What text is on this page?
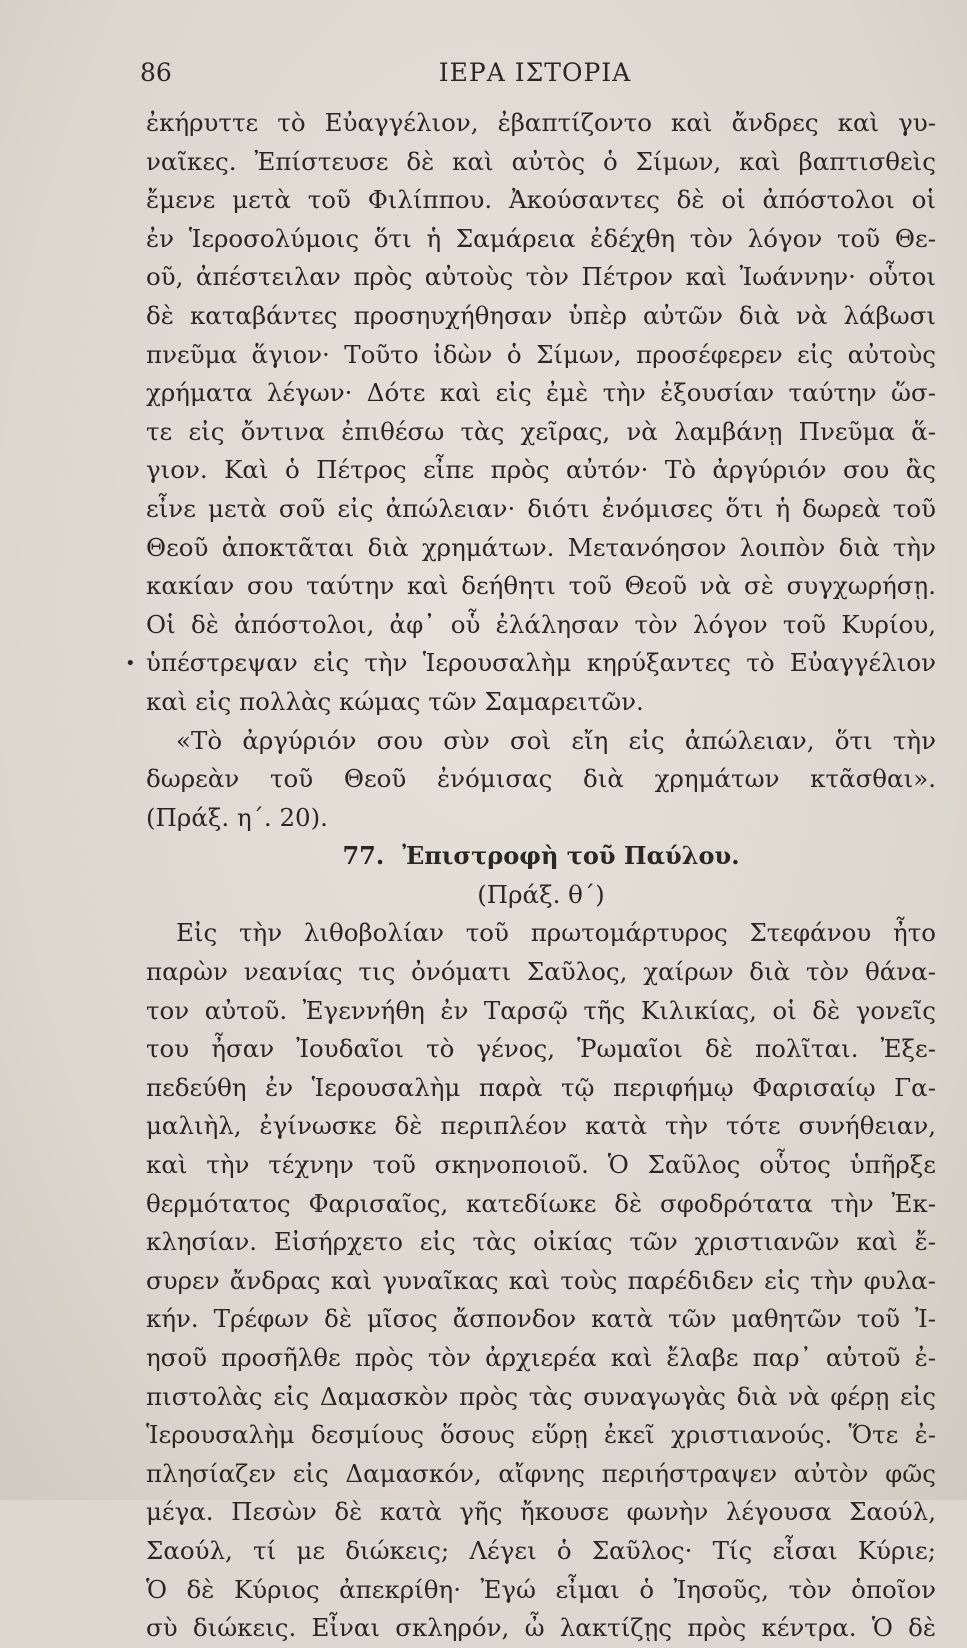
86	ΙΕΡΑ ΙΣΤΟΡΙΑ
•
ἐκήρυττε τὸ Εὐαγγέλιον, ἐβαπτίζοντο καὶ ἄνδρες καὶ γυ-
ναῖκες. Ἐπίστευσε δὲ καὶ αὐτὸς ὁ Σίμων, καὶ βαπτισθεὶς
ἔμενε μετὰ τοῦ Φιλίππου. Ἀκούσαντες δὲ οἱ ἀπόστολοι οἱ
ἐν Ἱεροσολύμοις ὅτι ἡ Σαμάρεια ἐδέχθη τὸν λόγον τοῦ Θε-
οῦ, ἀπέστειλαν πρὸς αὐτοὺς τὸν Πέτρον καὶ Ἰωάννην· οὗτοι
δὲ καταβάντες προσηυχήθησαν ὑπὲρ αὐτῶν διὰ νὰ λάβωσι
πνεῦμα ἅγιον· Τοῦτο ἰδὼν ὁ Σίμων, προσέφερεν εἰς αὐτοὺς
χρήματα λέγων· Δότε καὶ εἰς ἐμὲ τὴν ἐξουσίαν ταύτην ὥσ-
τε εἰς ὄντινα ἐπιθέσω τὰς χεῖρας, νὰ λαμβάνῃ Πνεῦμα ἅ-
γιον. Καὶ ὁ Πέτρος εἶπε πρὸς αὐτόν· Τὸ ἀργύριόν σου ἂς
εἶνε μετὰ σοῦ εἰς ἀπώλειαν· διότι ἐνόμισες ὅτι ἡ δωρεὰ τοῦ
Θεοῦ ἀποκτᾶται διὰ χρημάτων. Μετανόησον λοιπὸν διὰ τὴν
κακίαν σου ταύτην καὶ δεήθητι τοῦ Θεοῦ νὰ σὲ συγχωρήσῃ.
Οἱ δὲ ἀπόστολοι, ἀφ᾿ οὗ ἐλάλησαν τὸν λόγον τοῦ Κυρίου,
ὑπέστρεψαν εἰς τὴν Ἱερουσαλὴμ κηρύξαντες τὸ Εὐαγγέλιον
καὶ εἰς πολλὰς κώμας τῶν Σαμαρειτῶν.
«Τὸ ἀργύριόν σου σὺν σοὶ εἴη εἰς ἀπώλειαν, ὅτι τὴν
δωρεὰν τοῦ Θεοῦ ἐνόμισας διὰ χρημάτων κτᾶσθαι».
(Πράξ. η΄. 20).
77. Ἐπιστροφὴ τοῦ Παύλου.
(Πράξ. θ΄)
Εἰς τὴν λιθοβολίαν τοῦ πρωτομάρτυρος Στεφάνου ἦτο
παρὼν νεανίας τις ὀνόματι Σαῦλος, χαίρων διὰ τὸν θάνα-
τον αὐτοῦ. Ἐγεννήθη ἐν Ταρσῷ τῆς Κιλικίας, οἱ δὲ γονεῖς
του ἦσαν Ἰουδαῖοι τὸ γένος, Ῥωμαῖοι δὲ πολῖται. Ἐξε-
πεδεύθη ἐν Ἱερουσαλὴμ παρὰ τῷ περιφήμῳ Φαρισαίῳ Γα-
μαλιὴλ, ἐγίνωσκε δὲ περιπλέον κατὰ τὴν τότε συνήθειαν,
καὶ τὴν τέχνην τοῦ σκηνοποιοῦ. Ὁ Σαῦλος οὗτος ὑπῆρξε
θερμότατος Φαρισαῖος, κατεδίωκε δὲ σφοδρότατα τὴν Ἐκ-
κλησίαν. Εἰσήρχετο εἰς τὰς οἰκίας τῶν χριστιανῶν καὶ ἔ-
συρεν ἄνδρας καὶ γυναῖκας καὶ τοὺς παρέδιδεν εἰς τὴν φυλα-
κήν. Τρέφων δὲ μῖσος ἄσπονδον κατὰ τῶν μαθητῶν τοῦ Ἰ-
ησοῦ προσῆλθε πρὸς τὸν ἀρχιερέα καὶ ἔλαβε παρ᾿ αὐτοῦ ἐ-
πιστολὰς εἰς Δαμασκὸν πρὸς τὰς συναγωγὰς διὰ νὰ φέρῃ εἰς
Ἱερουσαλὴμ δεσμίους ὅσους εὕρῃ ἐκεῖ χριστιανούς. Ὅτε ἐ-
πλησίαζεν εἰς Δαμασκόν, αἴφνης περιήστραψεν αὐτὸν φῶς
μέγα. Πεσὼν δὲ κατὰ γῆς ἤκουσε φωνὴν λέγουσα Σαούλ,
Σαούλ, τί με διώκεις; Λέγει ὁ Σαῦλος· Τίς εἶσαι Κύριε;
Ὁ δὲ Κύριος ἀπεκρίθη· Ἐγώ εἶμαι ὁ Ἰησοῦς, τὸν ὁποῖον
σὺ διώκεις. Εἶναι σκληρόν, ὦ λακτίζῃς πρὸς κέντρα. Ὁ δὲ
